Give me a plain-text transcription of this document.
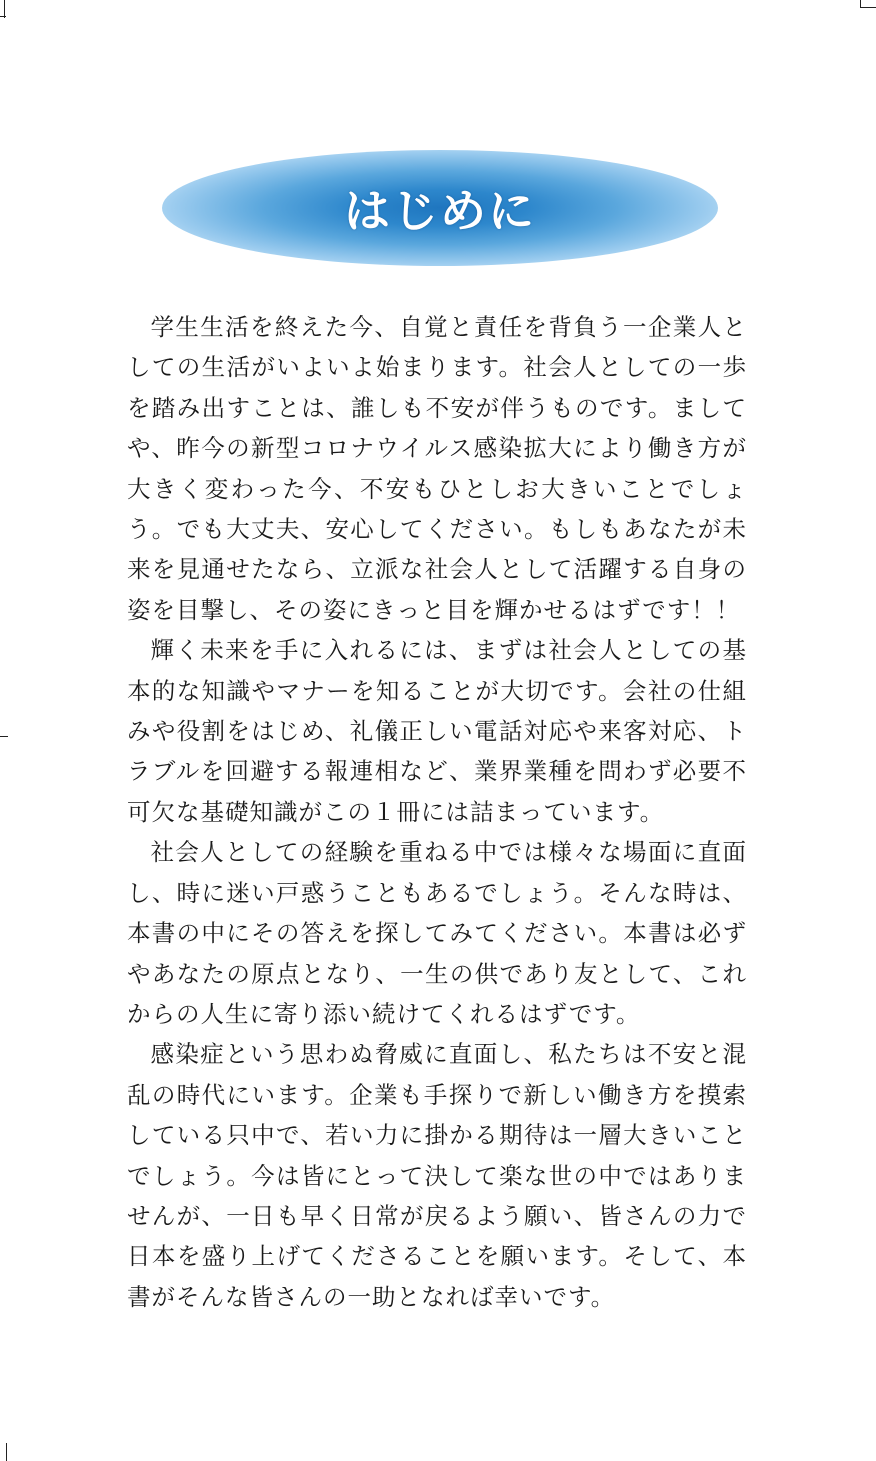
はじめに

学生生活を終えた今、自覚と責任を背負う一企業人としての生活がいよいよ始まります。社会人としての一歩を踏み出すことは、誰しも不安が伴うものです。ましてや、昨今の新型コロナウイルス感染拡大により働き方が大きく変わった今、不安もひとしお大きいことでしょう。でも大丈夫、安心してください。もしもあなたが未来を見通せたなら、立派な社会人として活躍する自身の姿を目撃し、その姿にきっと目を輝かせるはずです！！

輝く未来を手に入れるには、まずは社会人としての基本的な知識やマナーを知ることが大切です。会社の仕組みや役割をはじめ、礼儀正しい電話対応や来客対応、トラブルを回避する報連相など、業界業種を問わず必要不可欠な基礎知識がこの１冊には詰まっています。

社会人としての経験を重ねる中では様々な場面に直面し、時に迷い戸惑うこともあるでしょう。そんな時は、本書の中にその答えを探してみてください。本書は必ずやあなたの原点となり、一生の供であり友として、これからの人生に寄り添い続けてくれるはずです。

感染症という思わぬ脅威に直面し、私たちは不安と混乱の時代にいます。企業も手探りで新しい働き方を摸索している只中で、若い力に掛かる期待は一層大きいことでしょう。今は皆にとって決して楽な世の中ではありませんが、一日も早く日常が戻るよう願い、皆さんの力で日本を盛り上げてくださることを願います。そして、本書がそんな皆さんの一助となれば幸いです。
